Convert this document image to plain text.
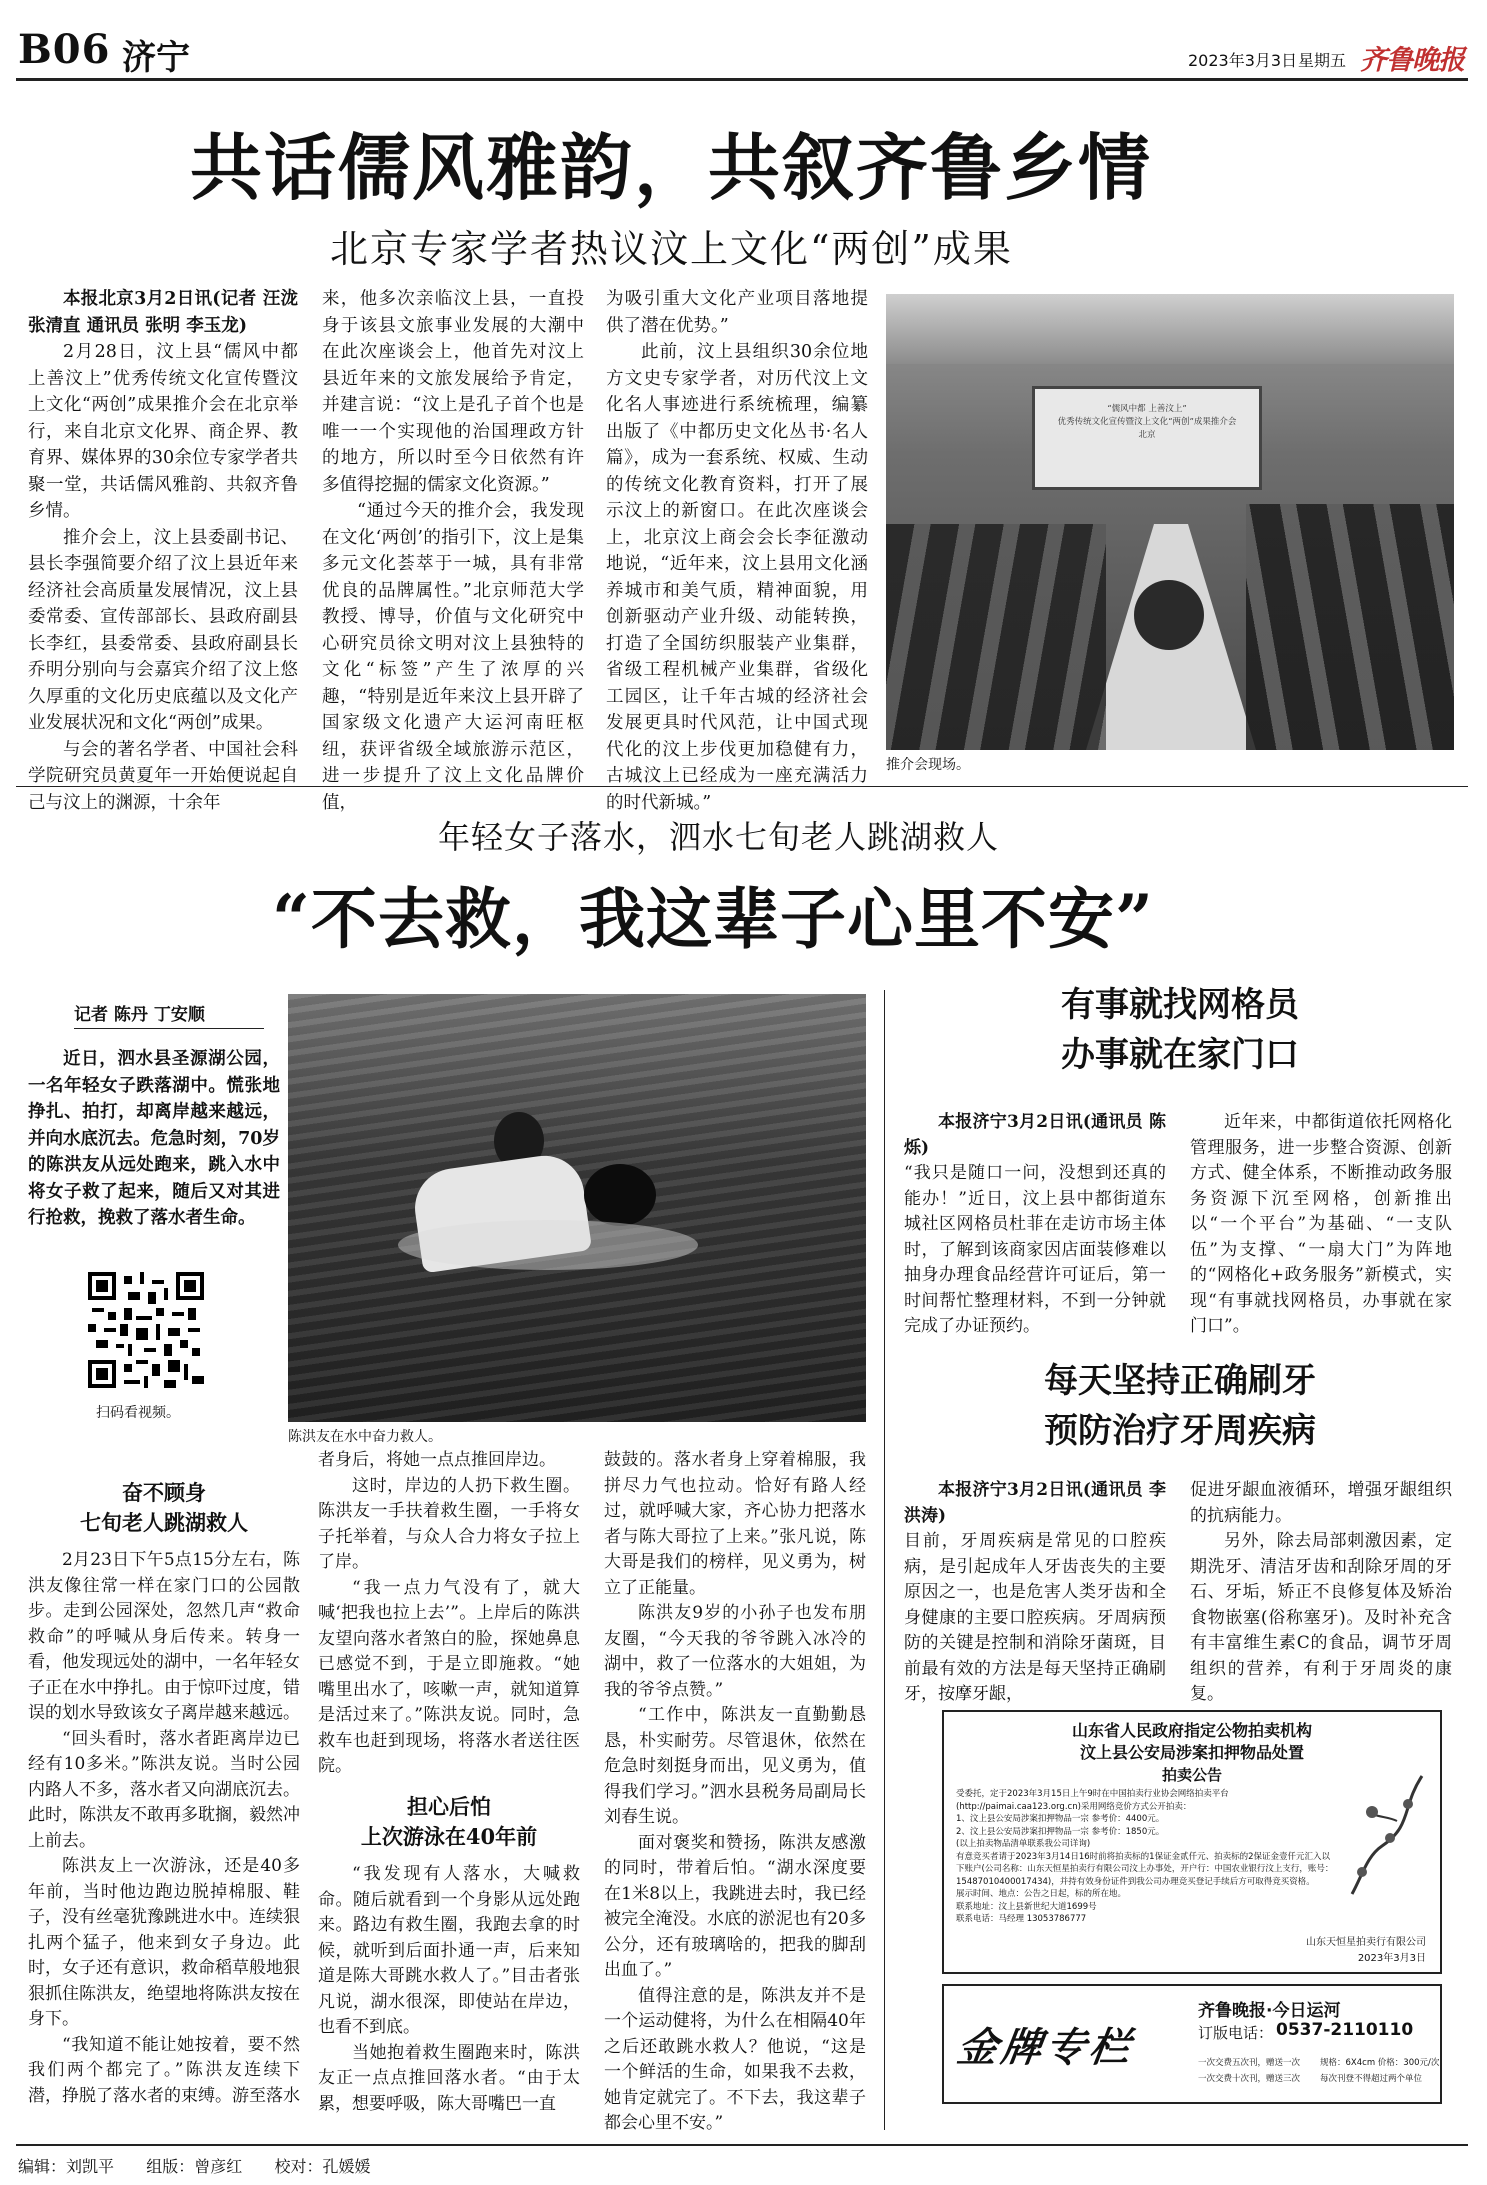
B06 济宁	2023年3月3日 星期五 齐鲁晚报
共话儒风雅韵，共叙齐鲁乡情
北京专家学者热议汶上文化“两创”成果

本报北京3月2日讯(记者 汪泷 张清直 通讯员 张明 李玉龙)

2月28日，汶上县“儒风中都 上善汶上”优秀传统文化宣传暨汶上文化“两创”成果推介会在北京举行，来自北京文化界、商企界、教育界、媒体界的30余位专家学者共聚一堂，共话儒风雅韵、共叙齐鲁乡情。

推介会上，汶上县委副书记、县长李强简要介绍了汶上县近年来经济社会高质量发展情况，汶上县委常委、宣传部部长、县政府副县长李红，县委常委、县政府副县长乔明分别向与会嘉宾介绍了汶上悠久厚重的文化历史底蕴以及文化产业发展状况和文化“两创”成果。

与会的著名学者、中国社会科学院研究员黄夏年一开始便说起自己与汶上的渊源，十余年

来，他多次亲临汶上县，一直投身于该县文旅事业发展的大潮中在此次座谈会上，他首先对汶上县近年来的文旅发展给予肯定，并建言说：“汶上是孔子首个也是唯一一个实现他的治国理政方针的地方，所以时至今日依然有许多值得挖掘的儒家文化资源。”

“通过今天的推介会，我发现在文化‘两创’的指引下，汶上是集多元文化荟萃于一城，具有非常优良的品牌属性。”北京师范大学教授、博导，价值与文化研究中心研究员徐文明对汶上县独特的文化“标签”产生了浓厚的兴趣，“特别是近年来汶上县开辟了国家级文化遗产大运河南旺枢纽，获评省级全域旅游示范区，进一步提升了汶上文化品牌价值，

为吸引重大文化产业项目落地提供了潜在优势。”

此前，汶上县组织30余位地方文史专家学者，对历代汶上文化名人事迹进行系统梳理，编纂出版了《中都历史文化丛书·名人篇》，成为一套系统、权威、生动的传统文化教育资料，打开了展示汶上的新窗口。在此次座谈会上，北京汶上商会会长李征激动地说，“近年来，汶上县用文化涵养城市和美气质，精神面貌，用创新驱动产业升级、动能转换，打造了全国纺织服装产业集群，省级工程机械产业集群，省级化工园区，让千年古城的经济社会发展更具时代风范，让中国式现代化的汶上步伐更加稳健有力，古城汶上已经成为一座充满活力的时代新城。”

“儒风中都 上善汶上”
优秀传统文化宣传暨汶上文化“两创”成果推介会
北京
推介会现场。
年轻女子落水，泗水七旬老人跳湖救人
“不去救，我这辈子心里不安”
记者 陈丹 丁安顺

近日，泗水县圣源湖公园，一名年轻女子跌落湖中。慌张地挣扎、拍打，却离岸越来越远，并向水底沉去。危急时刻，70岁的陈洪友从远处跑来，跳入水中将女子救了起来，随后又对其进行抢救，挽救了落水者生命。

扫码看视频。
陈洪友在水中奋力救人。
奋不顾身
七旬老人跳湖救人

2月23日下午5点15分左右，陈洪友像往常一样在家门口的公园散步。走到公园深处，忽然几声“救命 救命”的呼喊从身后传来。转身一看，他发现远处的湖中，一名年轻女子正在水中挣扎。由于惊吓过度，错误的划水导致该女子离岸越来越远。

“回头看时，落水者距离岸边已经有10多米。”陈洪友说。当时公园内路人不多，落水者又向湖底沉去。此时，陈洪友不敢再多耽搁，毅然冲上前去。

陈洪友上一次游泳，还是40多年前，当时他边跑边脱掉棉服、鞋子，没有丝毫犹豫跳进水中。连续狠扎两个猛子，他来到女子身边。此时，女子还有意识，救命稻草般地狠狠抓住陈洪友，绝望地将陈洪友按在身下。

“我知道不能让她按着，要不然我们两个都完了。”陈洪友连续下潜，挣脱了落水者的束缚。游至落水

者身后，将她一点点推回岸边。

这时，岸边的人扔下救生圈。陈洪友一手扶着救生圈，一手将女子托举着，与众人合力将女子拉上了岸。

“我一点力气没有了，就大喊‘把我也拉上去’”。上岸后的陈洪友望向落水者煞白的脸，探她鼻息已感觉不到，于是立即施救。“她嘴里出水了，咳嗽一声，就知道算是活过来了。”陈洪友说。同时，急救车也赶到现场，将落水者送往医院。

担心后怕
上次游泳在40年前

“我发现有人落水，大喊救命。随后就看到一个身影从远处跑来。路边有救生圈，我跑去拿的时候，就听到后面扑通一声，后来知道是陈大哥跳水救人了。”目击者张凡说，湖水很深，即使站在岸边，也看不到底。

当她抱着救生圈跑来时，陈洪友正一点点推回落水者。“由于太累，想要呼吸，陈大哥嘴巴一直

鼓鼓的。落水者身上穿着棉服，我拼尽力气也拉动。恰好有路人经过，就呼喊大家，齐心协力把落水者与陈大哥拉了上来。”张凡说，陈大哥是我们的榜样，见义勇为，树立了正能量。

陈洪友9岁的小孙子也发布朋友圈，“今天我的爷爷跳入冰冷的湖中，救了一位落水的大姐姐，为我的爷爷点赞。”

“工作中，陈洪友一直勤勤恳恳，朴实耐劳。尽管退休，依然在危急时刻挺身而出，见义勇为，值得我们学习。”泗水县税务局副局长刘春生说。

面对褒奖和赞扬，陈洪友感激的同时，带着后怕。“湖水深度要在1米8以上，我跳进去时，我已经被完全淹没。水底的淤泥也有20多公分，还有玻璃啥的，把我的脚刮出血了。”

值得注意的是，陈洪友并不是一个运动健将，为什么在相隔40年之后还敢跳水救人？他说，“这是一个鲜活的生命，如果我不去救，她肯定就完了。不下去，我这辈子都会心里不安。”

有事就找网格员
办事就在家门口

本报济宁3月2日讯(通讯员 陈烁)

“我只是随口一问，没想到还真的能办！”近日，汶上县中都街道东城社区网格员杜菲在走访市场主体时，了解到该商家因店面装修难以抽身办理食品经营许可证后，第一时间帮忙整理材料，不到一分钟就完成了办证预约。

近年来，中都街道依托网格化管理服务，进一步整合资源、创新方式、健全体系，不断推动政务服务资源下沉至网格，创新推出以“一个平台”为基础、“一支队伍”为支撑、“一扇大门”为阵地的“网格化+政务服务”新模式，实现“有事就找网格员，办事就在家门口”。

每天坚持正确刷牙
预防治疗牙周疾病

本报济宁3月2日讯(通讯员 李洪涛)

目前，牙周疾病是常见的口腔疾病，是引起成年人牙齿丧失的主要原因之一，也是危害人类牙齿和全身健康的主要口腔疾病。牙周病预防的关键是控制和消除牙菌斑，目前最有效的方法是每天坚持正确刷牙，按摩牙龈，

促进牙龈血液循环，增强牙龈组织的抗病能力。

另外，除去局部刺激因素，定期洗牙、清洁牙齿和刮除牙周的牙石、牙垢，矫正不良修复体及矫治食物嵌塞(俗称塞牙)。及时补充含有丰富维生素C的食品，调节牙周组织的营养，有利于牙周炎的康复。

山东省人民政府指定公物拍卖机构
汶上县公安局涉案扣押物品处置
拍卖公告
受委托，定于2023年3月15日上午9时在中国拍卖行业协会网络拍卖平台(http://paimai.caa123.org.cn)采用网络竞价方式公开拍卖：
1、汶上县公安局涉案扣押物品一宗 参考价：4400元。
2、汶上县公安局涉案扣押物品一宗 参考价：1850元。
(以上拍卖物品清单联系我公司详询)
有意竞买者请于2023年3月14日16时前将拍卖标的1保证金贰仟元、拍卖标的2保证金壹仟元汇入以下账户(公司名称：山东天恒星拍卖行有限公司汶上办事处，开户行：中国农业银行汶上支行，账号：15487010400017434)，并持有效身份证件到我公司办理竞买登记手续后方可取得竞买资格。
展示时间、地点：公告之日起，标的所在地。
联系地址：汶上县新世纪大道1699号
联系电话：马经理 13053786777
山东天恒星拍卖行有限公司
2023年3月3日
金牌专栏
齐鲁晚报·今日运河
订版电话： 0537-2110110
一次交费五次刊，赠送一次
一次交费十次刊，赠送三次
规格：6X4cm 价格：300元/次
每次刊登不得超过两个单位
编辑：刘凯平 组版：曾彦红 校对：孔媛媛
